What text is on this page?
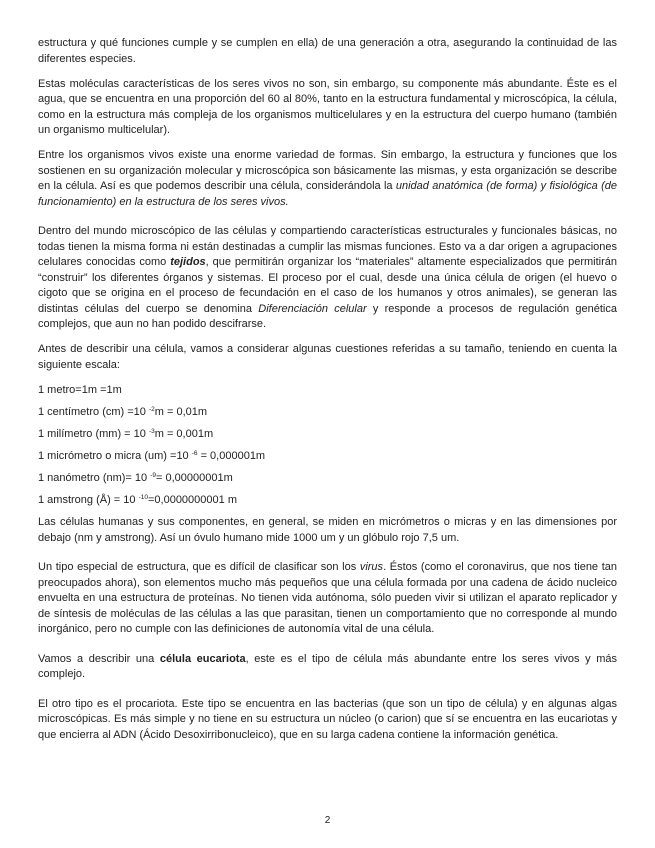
estructura y qué funciones cumple y se cumplen en ella) de una generación a otra, asegurando la continuidad de las diferentes especies.

Estas moléculas características de los seres vivos no son, sin embargo, su componente más abundante. Éste es el agua, que se encuentra en una proporción del 60 al 80%, tanto en la estructura fundamental y microscópica, la célula, como en la estructura más compleja de los organismos multicelulares y en la estructura del cuerpo humano (también un organismo multicelular).

Entre los organismos vivos existe una enorme variedad de formas. Sin embargo, la estructura y funciones que los sostienen en su organización molecular y microscópica son básicamente las mismas, y esta organización se describe en la célula. Así es que podemos describir una célula, considerándola la unidad anatómica (de forma) y fisiológica (de funcionamiento) en la estructura de los seres vivos.

Dentro del mundo microscópico de las células y compartiendo características estructurales y funcionales básicas, no todas tienen la misma forma ni están destinadas a cumplir las mismas funciones. Esto va a dar origen a agrupaciones celulares conocidas como tejidos, que permitirán organizar los “materiales” altamente especializados que permitirán “construir” los diferentes órganos y sistemas. El proceso por el cual, desde una única célula de origen (el huevo o cigoto que se origina en el proceso de fecundación en el caso de los humanos y otros animales), se generan las distintas células del cuerpo se denomina Diferenciación celular y responde a procesos de regulación genética complejos, que aun no han podido descifrarse.

Antes de describir una célula, vamos a considerar algunas cuestiones referidas a su tamaño, teniendo en cuenta la siguiente escala:

1 metro=1m =1m

1 centímetro (cm) =10 $^{-2}$m = 0,01m

1 milímetro (mm) = 10 $^{-3}$m = 0,001m

1 micrómetro o micra (um) =10 $^{-6}$ = 0,000001m

1 nanómetro (nm)= 10 $^{-9}$= 0,00000001m

1 amstrong (Å) = 10 $^{-10}$=0,0000000001 m

Las células humanas y sus componentes, en general, se miden en micrómetros o micras y en las dimensiones por debajo (nm y amstrong). Así un óvulo humano mide 1000 um y un glóbulo rojo 7,5 um.

Un tipo especial de estructura, que es difícil de clasificar son los virus. Éstos (como el coronavirus, que nos tiene tan preocupados ahora), son elementos mucho más pequeños que una célula formada por una cadena de ácido nucleico envuelta en una estructura de proteínas. No tienen vida autónoma, sólo pueden vivir si utilizan el aparato replicador y de síntesis de moléculas de las células a las que parasitan, tienen un comportamiento que no corresponde al mundo inorgánico, pero no cumple con las definiciones de autonomía vital de una célula.

Vamos a describir una célula eucariota, este es el tipo de célula más abundante entre los seres vivos y más complejo.

El otro tipo es el procariota. Este tipo se encuentra en las bacterias (que son un tipo de célula) y en algunas algas microscópicas. Es más simple y no tiene en su estructura un núcleo (o carion) que sí se encuentra en las eucariotas y que encierra al ADN (Ácido Desoxirribonucleico), que en su larga cadena contiene la información genética.

2
